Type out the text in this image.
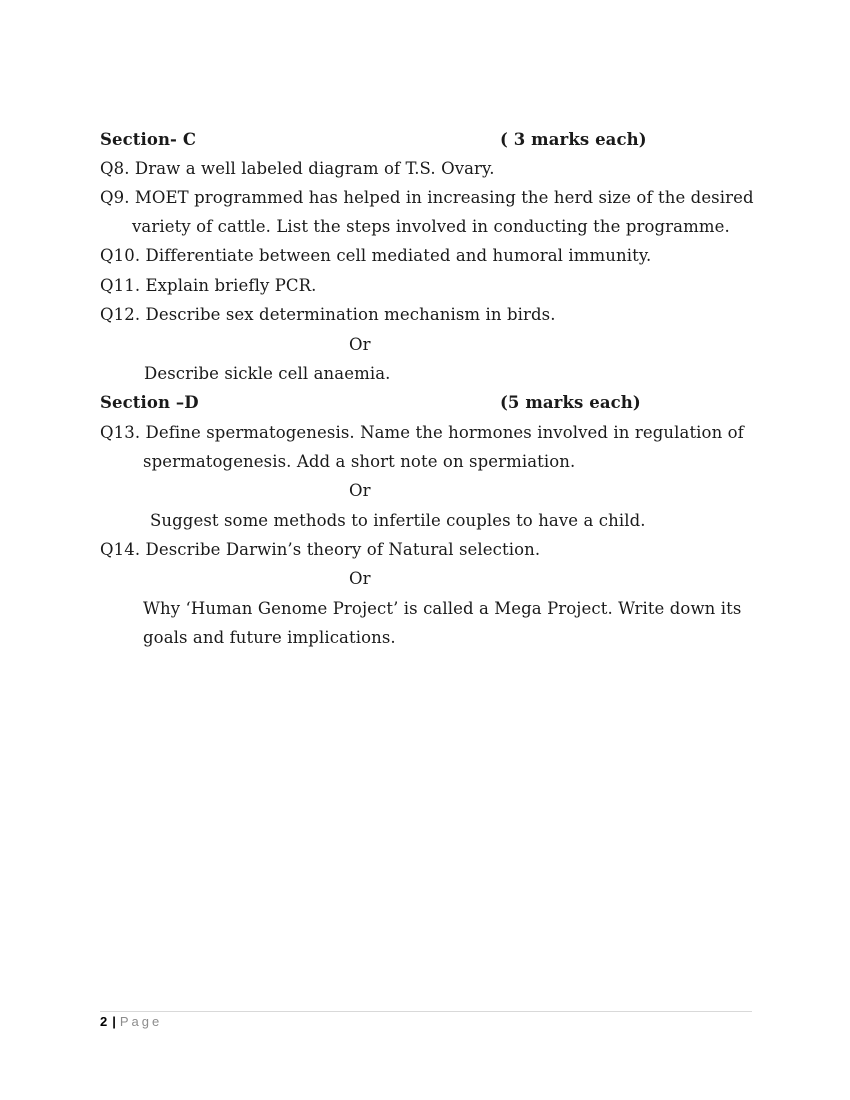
Section- C	( 3 marks each)
Q8. Draw a well labeled diagram of T.S. Ovary.
Q9. MOET programmed has helped in increasing the herd size of the desired
variety of cattle. List the steps involved in conducting the programme.
Q10. Differentiate between cell mediated and humoral immunity.
Q11. Explain briefly PCR.
Q12. Describe sex determination mechanism in birds.
Or
Describe sickle cell anaemia.
Section –D	(5 marks each)
Q13. Define spermatogenesis. Name the hormones involved in regulation of
spermatogenesis. Add a short note on spermiation.
Or
Suggest some methods to infertile couples to have a child.
Q14. Describe Darwin’s theory of Natural selection.
Or
Why ‘Human Genome Project’ is called a Mega Project. Write down its
goals and future implications.
2 | Page
